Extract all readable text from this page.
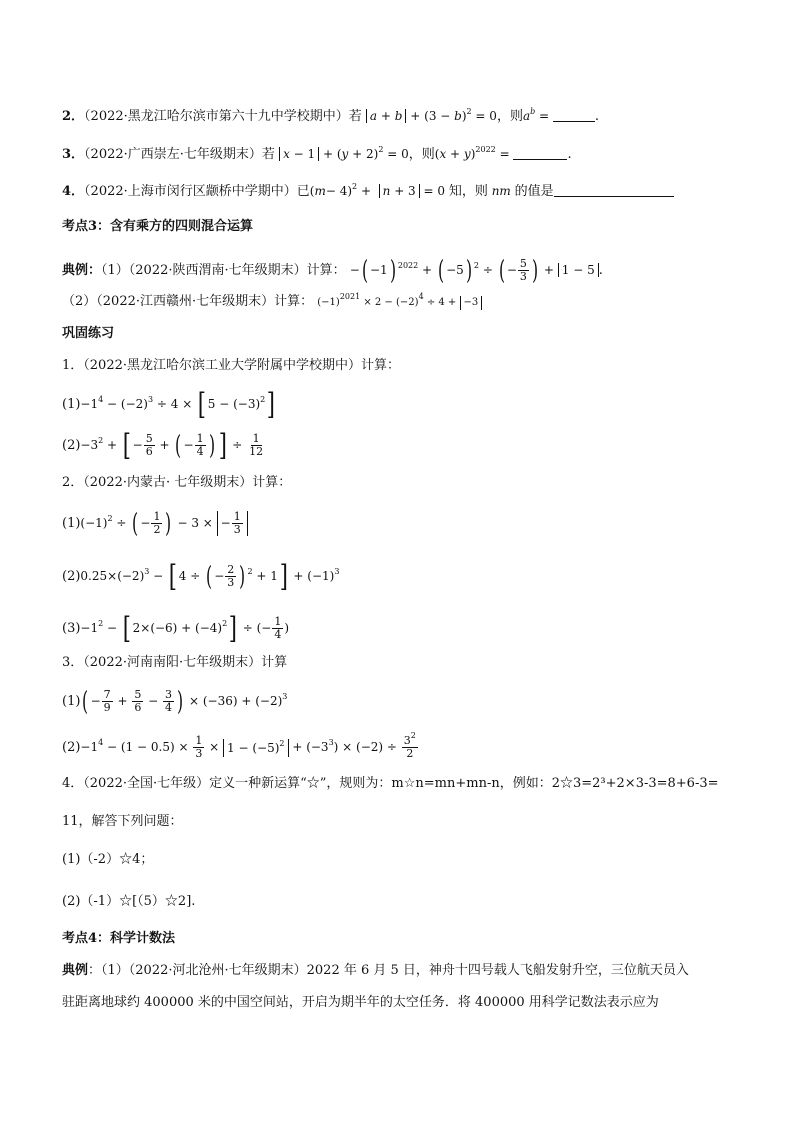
2．（2022·黑龙江哈尔滨市第六十九中学校期中）若 $a + b + (3 - b)^2 = 0$，则$a^b$ =	.
3．（2022·广西崇左·七年级期末）若 $x - 1 + (y + 2)^2 = 0$，则$(x + y)^{2022}$ =	.
4．（2022·上海市闵行区颛桥中学期中）已$(m- 4)^2 + n + 3 = 0$ 知，则 nm 的值是
考点3：含有乘方的四则混合运算
典例：（1）（2022·陕西渭南·七年级期末）计算： −( −1) $^{2022}$ + ( −5) $^2$ ÷ ( − $\frac{5}{3}$ ) + 1 − 5 .
（2）（2022·江西赣州·七年级期末）计算： $(-1)^{2021} \times 2 - (-2)^4 \div 4 + -3$
巩固练习
1．（2022·黑龙江哈尔滨工业大学附属中学校期中）计算：
$(1)-1^4 - (-2)^3 \div 4$ × [ $5 - (-3)^2$]
$(2)-3^2$ + [ − $\frac{5}{6}$ + ( − $\frac{1}{4}$ ) ] ÷ $\frac{1}{12}$
2．（2022·内蒙古· 七年级期末）计算：
$(1)(-1)^2$ ÷ ( − $\frac{1}{2}$ ) − 3 × − $\frac{1}{3}$
$(2)0.25\times(-2)^3$ − [ 4 ÷ ( − $\frac{2}{3}$ ) $^2 + 1] + (-1)^3$
$(3)-1^2$ − [ $2\times(-6) + (-4)^2$] ÷ (− $\frac{1}{4}$ )
3．（2022·河南南阳·七年级期末）计算
$(1)( - \frac{7}{9} + \frac{5}{6} - \frac{3}{4}$ ) × $(-36) + (-2)^3$
$(2)-1^4 - (1 - 0.5) \times \frac{1}{3} \times 1 - (-5)^2 + (-3^3) \times (-2) \div \frac{3^2}{2}$
4．（2022·全国·七年级）定义一种新运算“☆”，规则为：m☆n=mn+mn-n，例如：2☆3=2³+2×3-3=8+6-3=
11，解答下列问题：
(1)（-2）☆4；
(2)（-1）☆[（5）☆2].
考点4：科学计数法
典例：（1）（2022·河北沧州·七年级期末）2022 年 6 月 5 日，神舟十四号载人飞船发射升空，三位航天员入
驻距离地球约 400000 米的中国空间站，开启为期半年的太空任务．将 400000 用科学记数法表示应为
